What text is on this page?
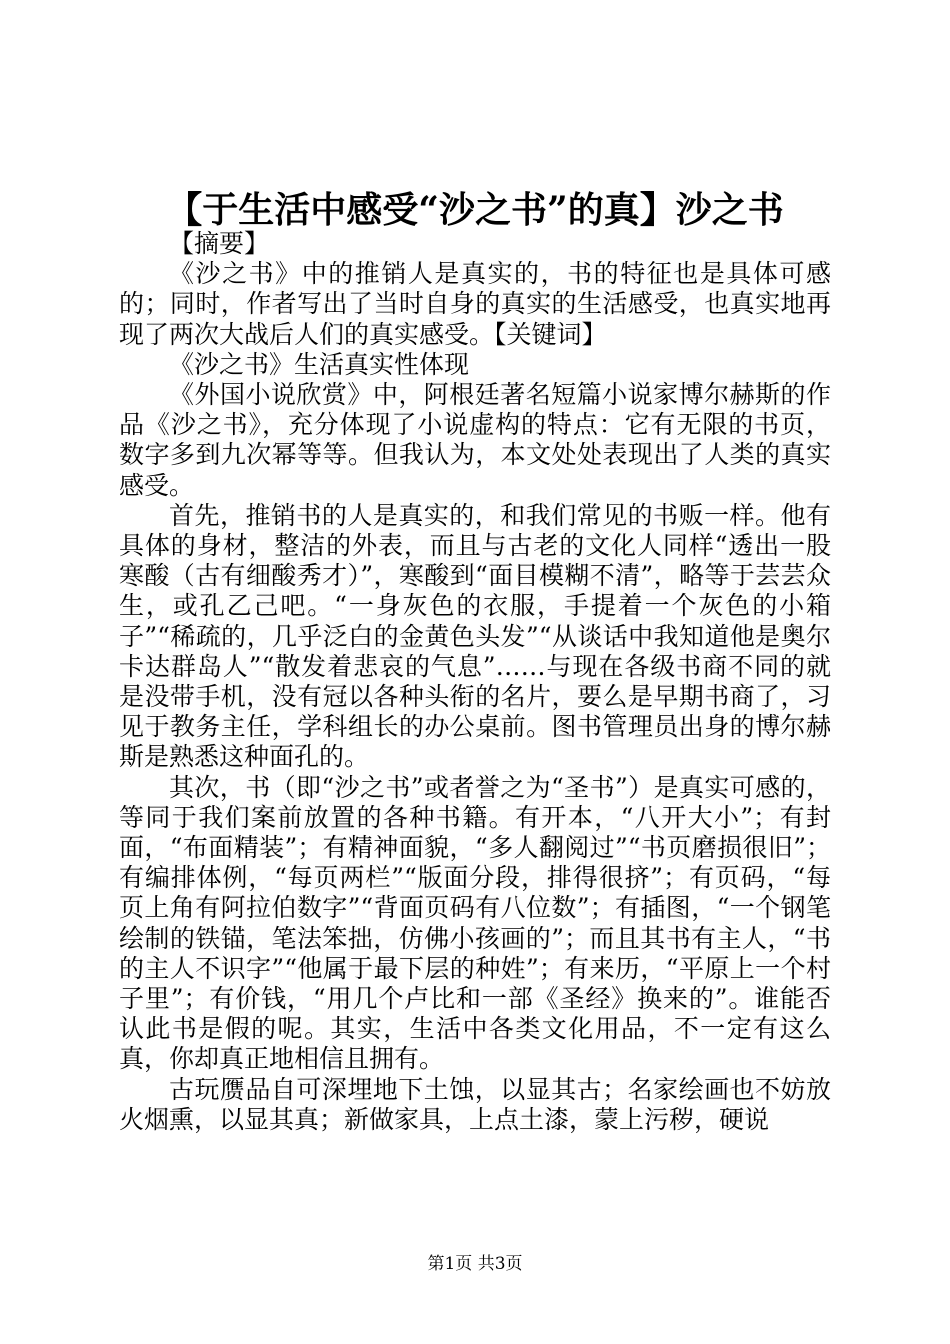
【于生活中感受“沙之书”的真】沙之书

【摘要】

《沙之书》中的推销人是真实的，书的特征也是具体可感的；同时，作者写出了当时自身的真实的生活感受，也真实地再现了两次大战后人们的真实感受。【关键词】

《沙之书》生活真实性体现

《外国小说欣赏》中，阿根廷著名短篇小说家博尔赫斯的作品《沙之书》，充分体现了小说虚构的特点：它有无限的书页，数字多到九次幂等等。但我认为，本文处处表现出了人类的真实感受。

首先，推销书的人是真实的，和我们常见的书贩一样。他有具体的身材，整洁的外表，而且与古老的文化人同样“透出一股寒酸（古有细酸秀才）”，寒酸到“面目模糊不清”，略等于芸芸众生，或孔乙己吧。“一身灰色的衣服，手提着一个灰色的小箱子”“稀疏的，几乎泛白的金黄色头发”“从谈话中我知道他是奥尔卡达群岛人”“散发着悲哀的气息”……与现在各级书商不同的就是没带手机，没有冠以各种头衔的名片，要么是早期书商了，习见于教务主任，学科组长的办公桌前。图书管理员出身的博尔赫斯是熟悉这种面孔的。

其次，书（即“沙之书”或者誉之为“圣书”）是真实可感的，等同于我们案前放置的各种书籍。有开本，“八开大小”；有封面，“布面精装”；有精神面貌，“多人翻阅过”“书页磨损很旧”；有编排体例，“每页两栏”“版面分段，排得很挤”；有页码，“每页上角有阿拉伯数字”“背面页码有八位数”；有插图，“一个钢笔绘制的铁锚，笔法笨拙，仿佛小孩画的”；而且其书有主人，“书的主人不识字”“他属于最下层的种姓”；有来历，“平原上一个村子里”；有价钱，“用几个卢比和一部《圣经》换来的”。谁能否认此书是假的呢。其实，生活中各类文化用品，不一定有这么真，你却真正地相信且拥有。

古玩赝品自可深埋地下土蚀，以显其古；名家绘画也不妨放火烟熏，以显其真；新做家具，上点土漆，蒙上污秽，硬说

第1页 共3页
